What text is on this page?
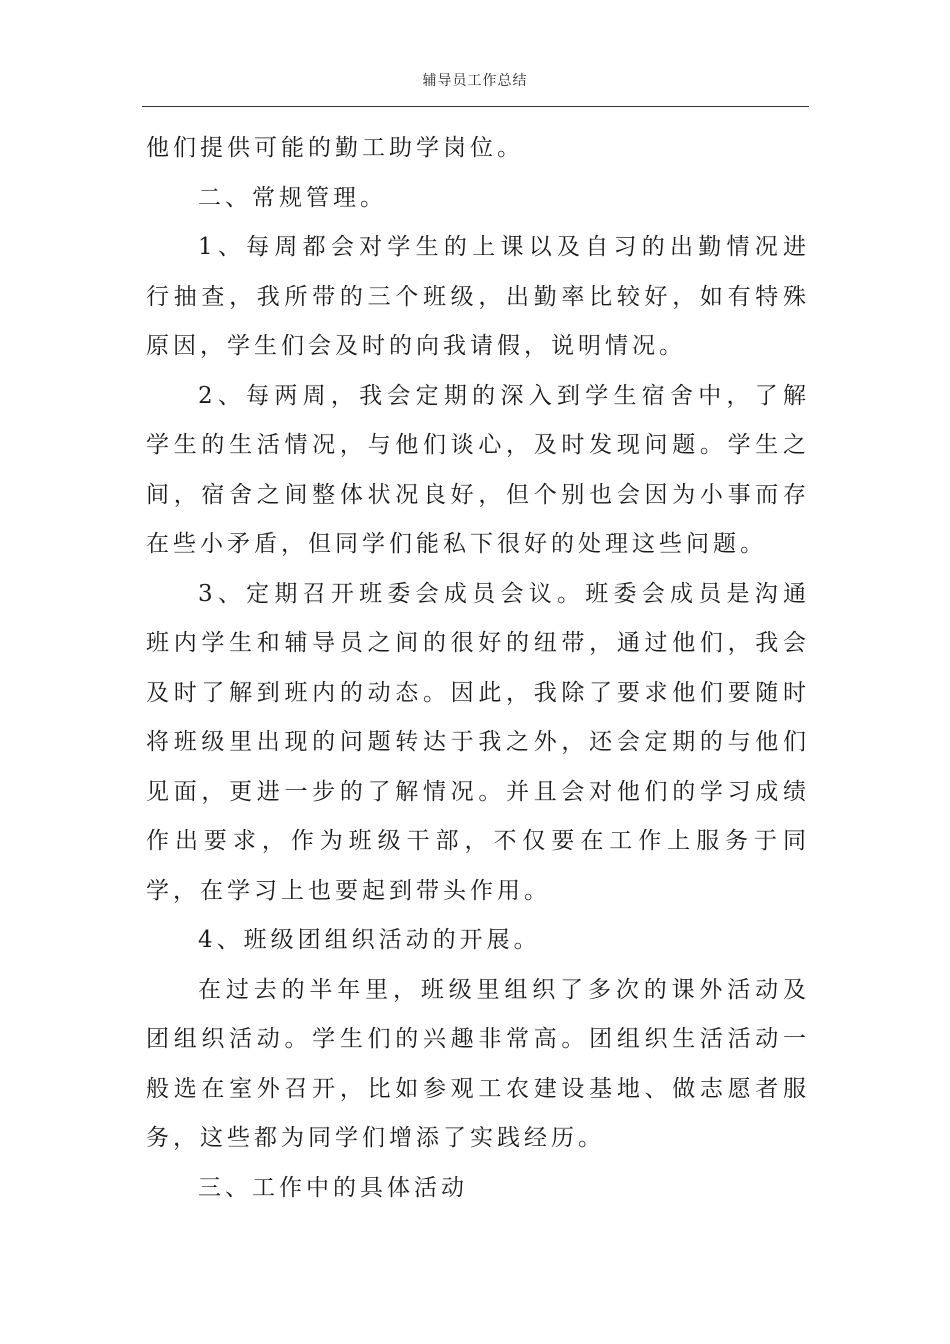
辅导员工作总结

他们提供可能的勤工助学岗位。

二、常规管理。

1、每周都会对学生的上课以及自习的出勤情况进行抽查，我所带的三个班级，出勤率比较好，如有特殊原因，学生们会及时的向我请假，说明情况。

2、每两周，我会定期的深入到学生宿舍中，了解学生的生活情况，与他们谈心，及时发现问题。学生之间，宿舍之间整体状况良好，但个别也会因为小事而存在些小矛盾，但同学们能私下很好的处理这些问题。

3、定期召开班委会成员会议。班委会成员是沟通班内学生和辅导员之间的很好的纽带，通过他们，我会及时了解到班内的动态。因此，我除了要求他们要随时将班级里出现的问题转达于我之外，还会定期的与他们见面，更进一步的了解情况。并且会对他们的学习成绩作出要求，作为班级干部，不仅要在工作上服务于同学，在学习上也要起到带头作用。

4、班级团组织活动的开展。

在过去的半年里，班级里组织了多次的课外活动及团组织活动。学生们的兴趣非常高。团组织生活活动一般选在室外召开，比如参观工农建设基地、做志愿者服务，这些都为同学们增添了实践经历。

三、工作中的具体活动
